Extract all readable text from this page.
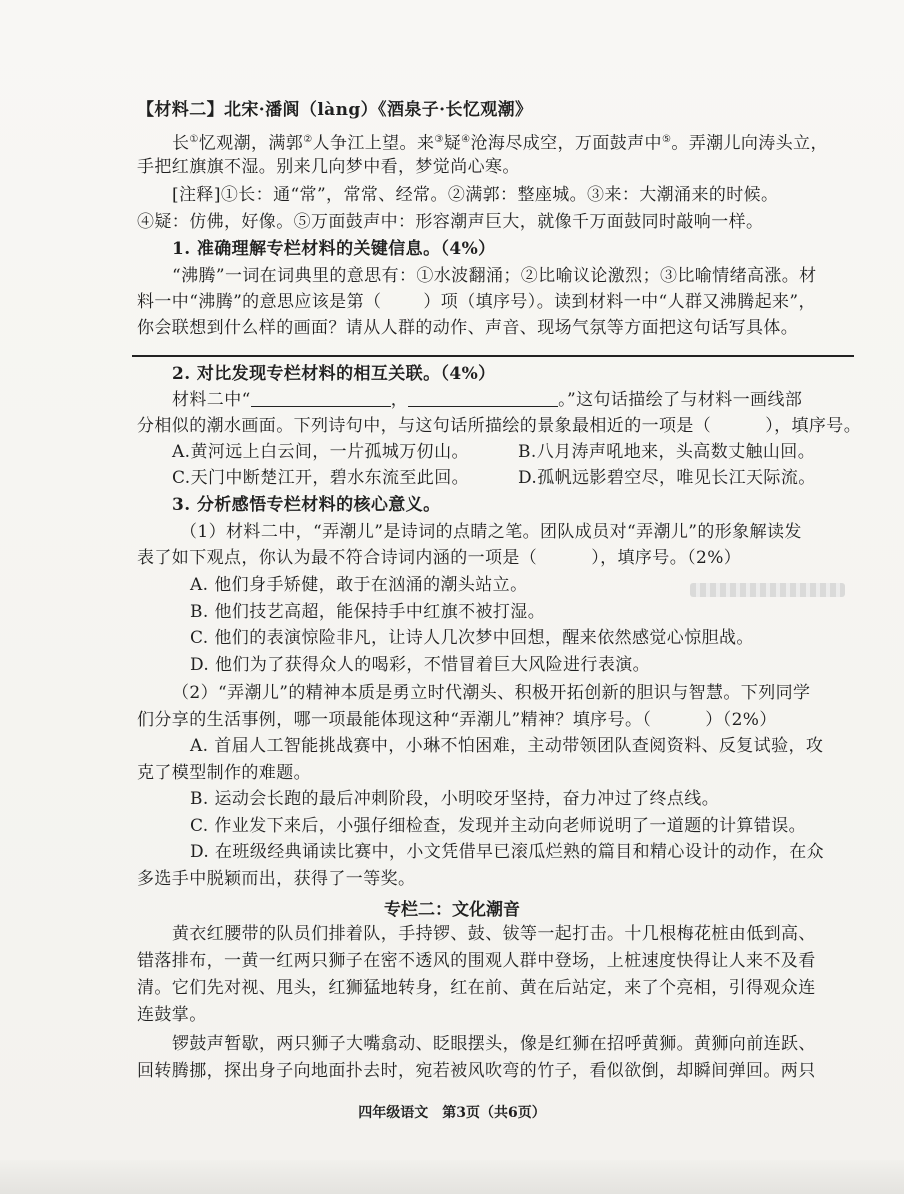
【材料二】北宋·潘阆（làng）《酒泉子·长忆观潮》
长①忆观潮，满郭②人争江上望。来③疑④沧海尽成空，万面鼓声中⑤。弄潮儿向涛头立，
手把红旗旗不湿。别来几向梦中看，梦觉尚心寒。
[注释]①长：通“常”，常常、经常。②满郭：整座城。③来：大潮涌来的时候。
④疑：仿佛，好像。⑤万面鼓声中：形容潮声巨大，就像千万面鼓同时敲响一样。
1. 准确理解专栏材料的关键信息。（4%）
“沸腾”一词在词典里的意思有：①水波翻涌；②比喻议论激烈；③比喻情绪高涨。材
料一中“沸腾”的意思应该是第（ ）项（填序号）。读到材料一中“人群又沸腾起来”，
你会联想到什么样的画面？请从人群的动作、声音、现场气氛等方面把这句话写具体。
2. 对比发现专栏材料的相互关联。（4%）
材料二中“	，	。”这句话描绘了与材料一画线部
分相似的潮水画面。下列诗句中，与这句话所描绘的景象最相近的一项是（	），填序号。
A.黄河远上白云间，一片孤城万仞山。	B.八月涛声吼地来，头高数丈触山回。
C.天门中断楚江开，碧水东流至此回。	D.孤帆远影碧空尽，唯见长江天际流。
3. 分析感悟专栏材料的核心意义。
（1）材料二中，“弄潮儿”是诗词的点睛之笔。团队成员对“弄潮儿”的形象解读发
表了如下观点，你认为最不符合诗词内涵的一项是（	），填序号。（2%）
A. 他们身手矫健，敢于在汹涌的潮头站立。
B. 他们技艺高超，能保持手中红旗不被打湿。
C. 他们的表演惊险非凡，让诗人几次梦中回想，醒来依然感觉心惊胆战。
D. 他们为了获得众人的喝彩，不惜冒着巨大风险进行表演。
（2）“弄潮儿”的精神本质是勇立时代潮头、积极开拓创新的胆识与智慧。下列同学
们分享的生活事例，哪一项最能体现这种“弄潮儿”精神？填序号。（	）（2%）
A. 首届人工智能挑战赛中，小琳不怕困难，主动带领团队查阅资料、反复试验，攻
克了模型制作的难题。
B. 运动会长跑的最后冲刺阶段，小明咬牙坚持，奋力冲过了终点线。
C. 作业发下来后，小强仔细检查，发现并主动向老师说明了一道题的计算错误。
D. 在班级经典诵读比赛中，小文凭借早已滚瓜烂熟的篇目和精心设计的动作，在众
多选手中脱颖而出，获得了一等奖。
专栏二：文化潮音
黄衣红腰带的队员们排着队，手持锣、鼓、钹等一起打击。十几根梅花桩由低到高、
错落排布，一黄一红两只狮子在密不透风的围观人群中登场，上桩速度快得让人来不及看
清。它们先对视、甩头，红狮猛地转身，红在前、黄在后站定，来了个亮相，引得观众连
连鼓掌。
锣鼓声暂歇，两只狮子大嘴翕动、眨眼摆头，像是红狮在招呼黄狮。黄狮向前连跃、
回转腾挪，探出身子向地面扑去时，宛若被风吹弯的竹子，看似欲倒，却瞬间弹回。两只
四年级语文　第3页（共6页）
